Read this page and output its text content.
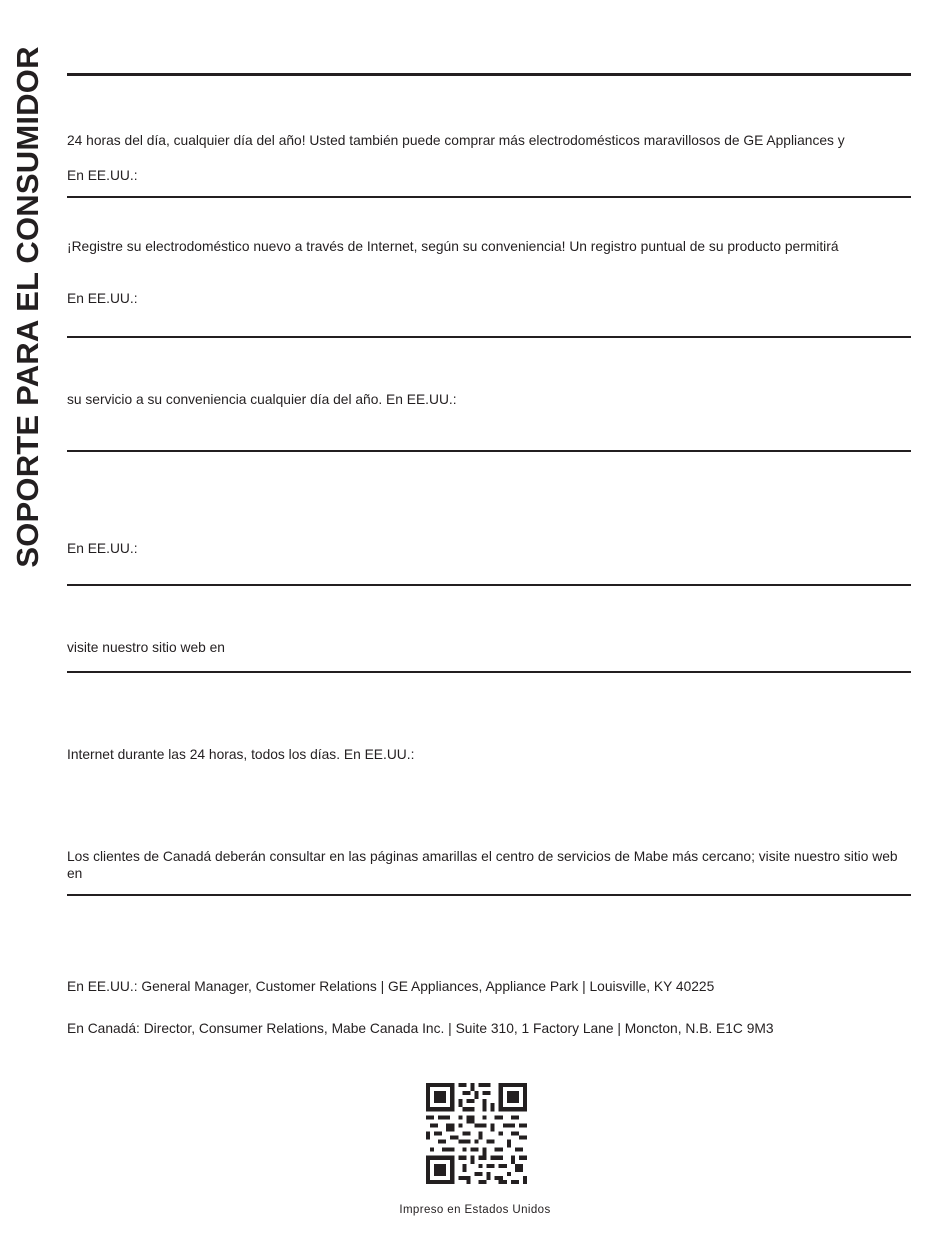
SOPORTE PARA EL CONSUMIDOR 24 horas del día, cualquier día del año! Usted también puede comprar más electrodomésticos maravillosos de GE Appliances y
En EE.UU.:
¡Registre su electrodoméstico nuevo a través de Internet, según su conveniencia! Un registro puntual de su producto permitirá
En EE.UU.:
su servicio a su conveniencia cualquier día del año. En EE.UU.:
En EE.UU.:
visite nuestro sitio web en
Internet durante las 24 horas, todos los días. En EE.UU.:
Los clientes de Canadá deberán consultar en las páginas amarillas el centro de servicios de Mabe más cercano; visite nuestro sitio web en
En EE.UU.: General Manager, Customer Relations | GE Appliances, Appliance Park | Louisville, KY 40225
En Canadá: Director, Consumer Relations, Mabe Canada Inc. | Suite 310, 1 Factory Lane | Moncton, N.B. E1C 9M3
Impreso en Estados Unidos
